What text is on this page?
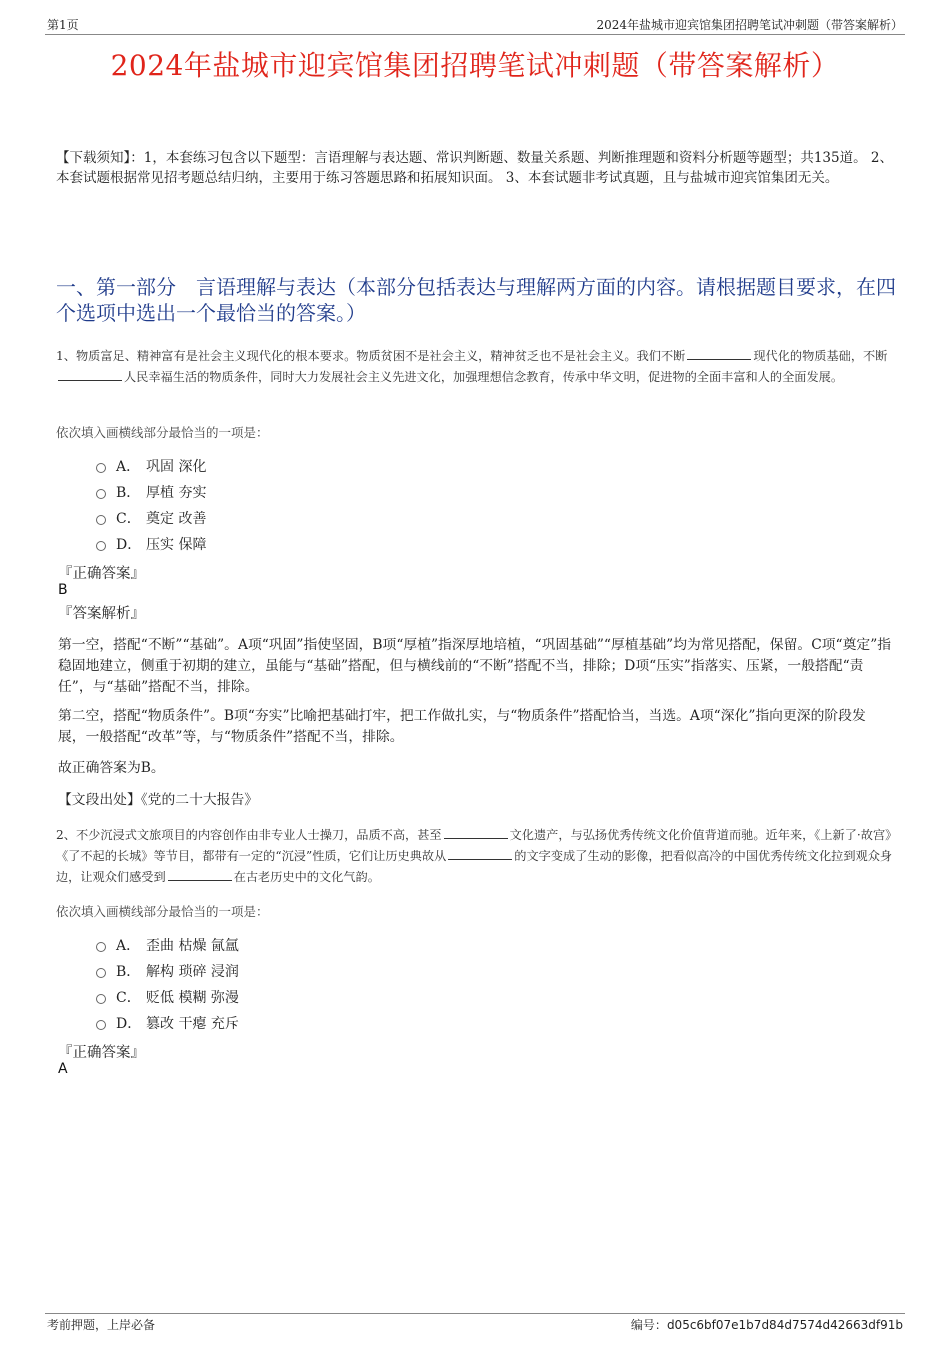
第1页	2024年盐城市迎宾馆集团招聘笔试冲刺题（带答案解析）
2024年盐城市迎宾馆集团招聘笔试冲刺题（带答案解析）
【下载须知】：1，本套练习包含以下题型：言语理解与表达题、常识判断题、数量关系题、判断推理题和资料分析题等题型；共135道。 2、本套试题根据常见招考题总结归纳，主要用于练习答题思路和拓展知识面。 3、本套试题非考试真题，且与盐城市迎宾馆集团无关。
一、第一部分　言语理解与表达（本部分包括表达与理解两方面的内容。请根据题目要求，在四个选项中选出一个最恰当的答案。）
1、物质富足、精神富有是社会主义现代化的根本要求。物质贫困不是社会主义，精神贫乏也不是社会主义。我们不断	现代化的物质基础，不断人民幸福生活的物质条件，同时大力发展社会主义先进文化，加强理想信念教育，传承中华文明，促进物的全面丰富和人的全面发展。
依次填入画横线部分最恰当的一项是：
A． 巩固 深化
B． 厚植 夯实
C． 奠定 改善
D． 压实 保障
『正确答案』
B
『答案解析』
第一空，搭配“不断”“基础”。A项“巩固”指使坚固，B项“厚植”指深厚地培植，“巩固基础”“厚植基础”均为常见搭配，保留。C项“奠定”指稳固地建立，侧重于初期的建立，虽能与“基础”搭配，但与横线前的“不断”搭配不当，排除；D项“压实”指落实、压紧，一般搭配“责任”，与“基础”搭配不当，排除。
第二空，搭配“物质条件”。B项“夯实”比喻把基础打牢，把工作做扎实，与“物质条件”搭配恰当，当选。A项“深化”指向更深的阶段发展，一般搭配“改革”等，与“物质条件”搭配不当，排除。
故正确答案为B。
【文段出处】《党的二十大报告》
2、不少沉浸式文旅项目的内容创作由非专业人士操刀，品质不高，甚至	文化遗产，与弘扬优秀传统文化价值背道而驰。近年来，《上新了·故宫》《了不起的长城》等节目，都带有一定的“沉浸”性质，它们让历史典故从	的文字变成了生动的影像，把看似高冷的中国优秀传统文化拉到观众身边，让观众们感受到	在古老历史中的文化气韵。
依次填入画横线部分最恰当的一项是：
A． 歪曲 枯燥 氤氲
B． 解构 琐碎 浸润
C． 贬低 模糊 弥漫
D． 篡改 干瘪 充斥
『正确答案』
A
考前押题，上岸必备	编号：d05c6bf07e1b7d84d7574d42663df91b
